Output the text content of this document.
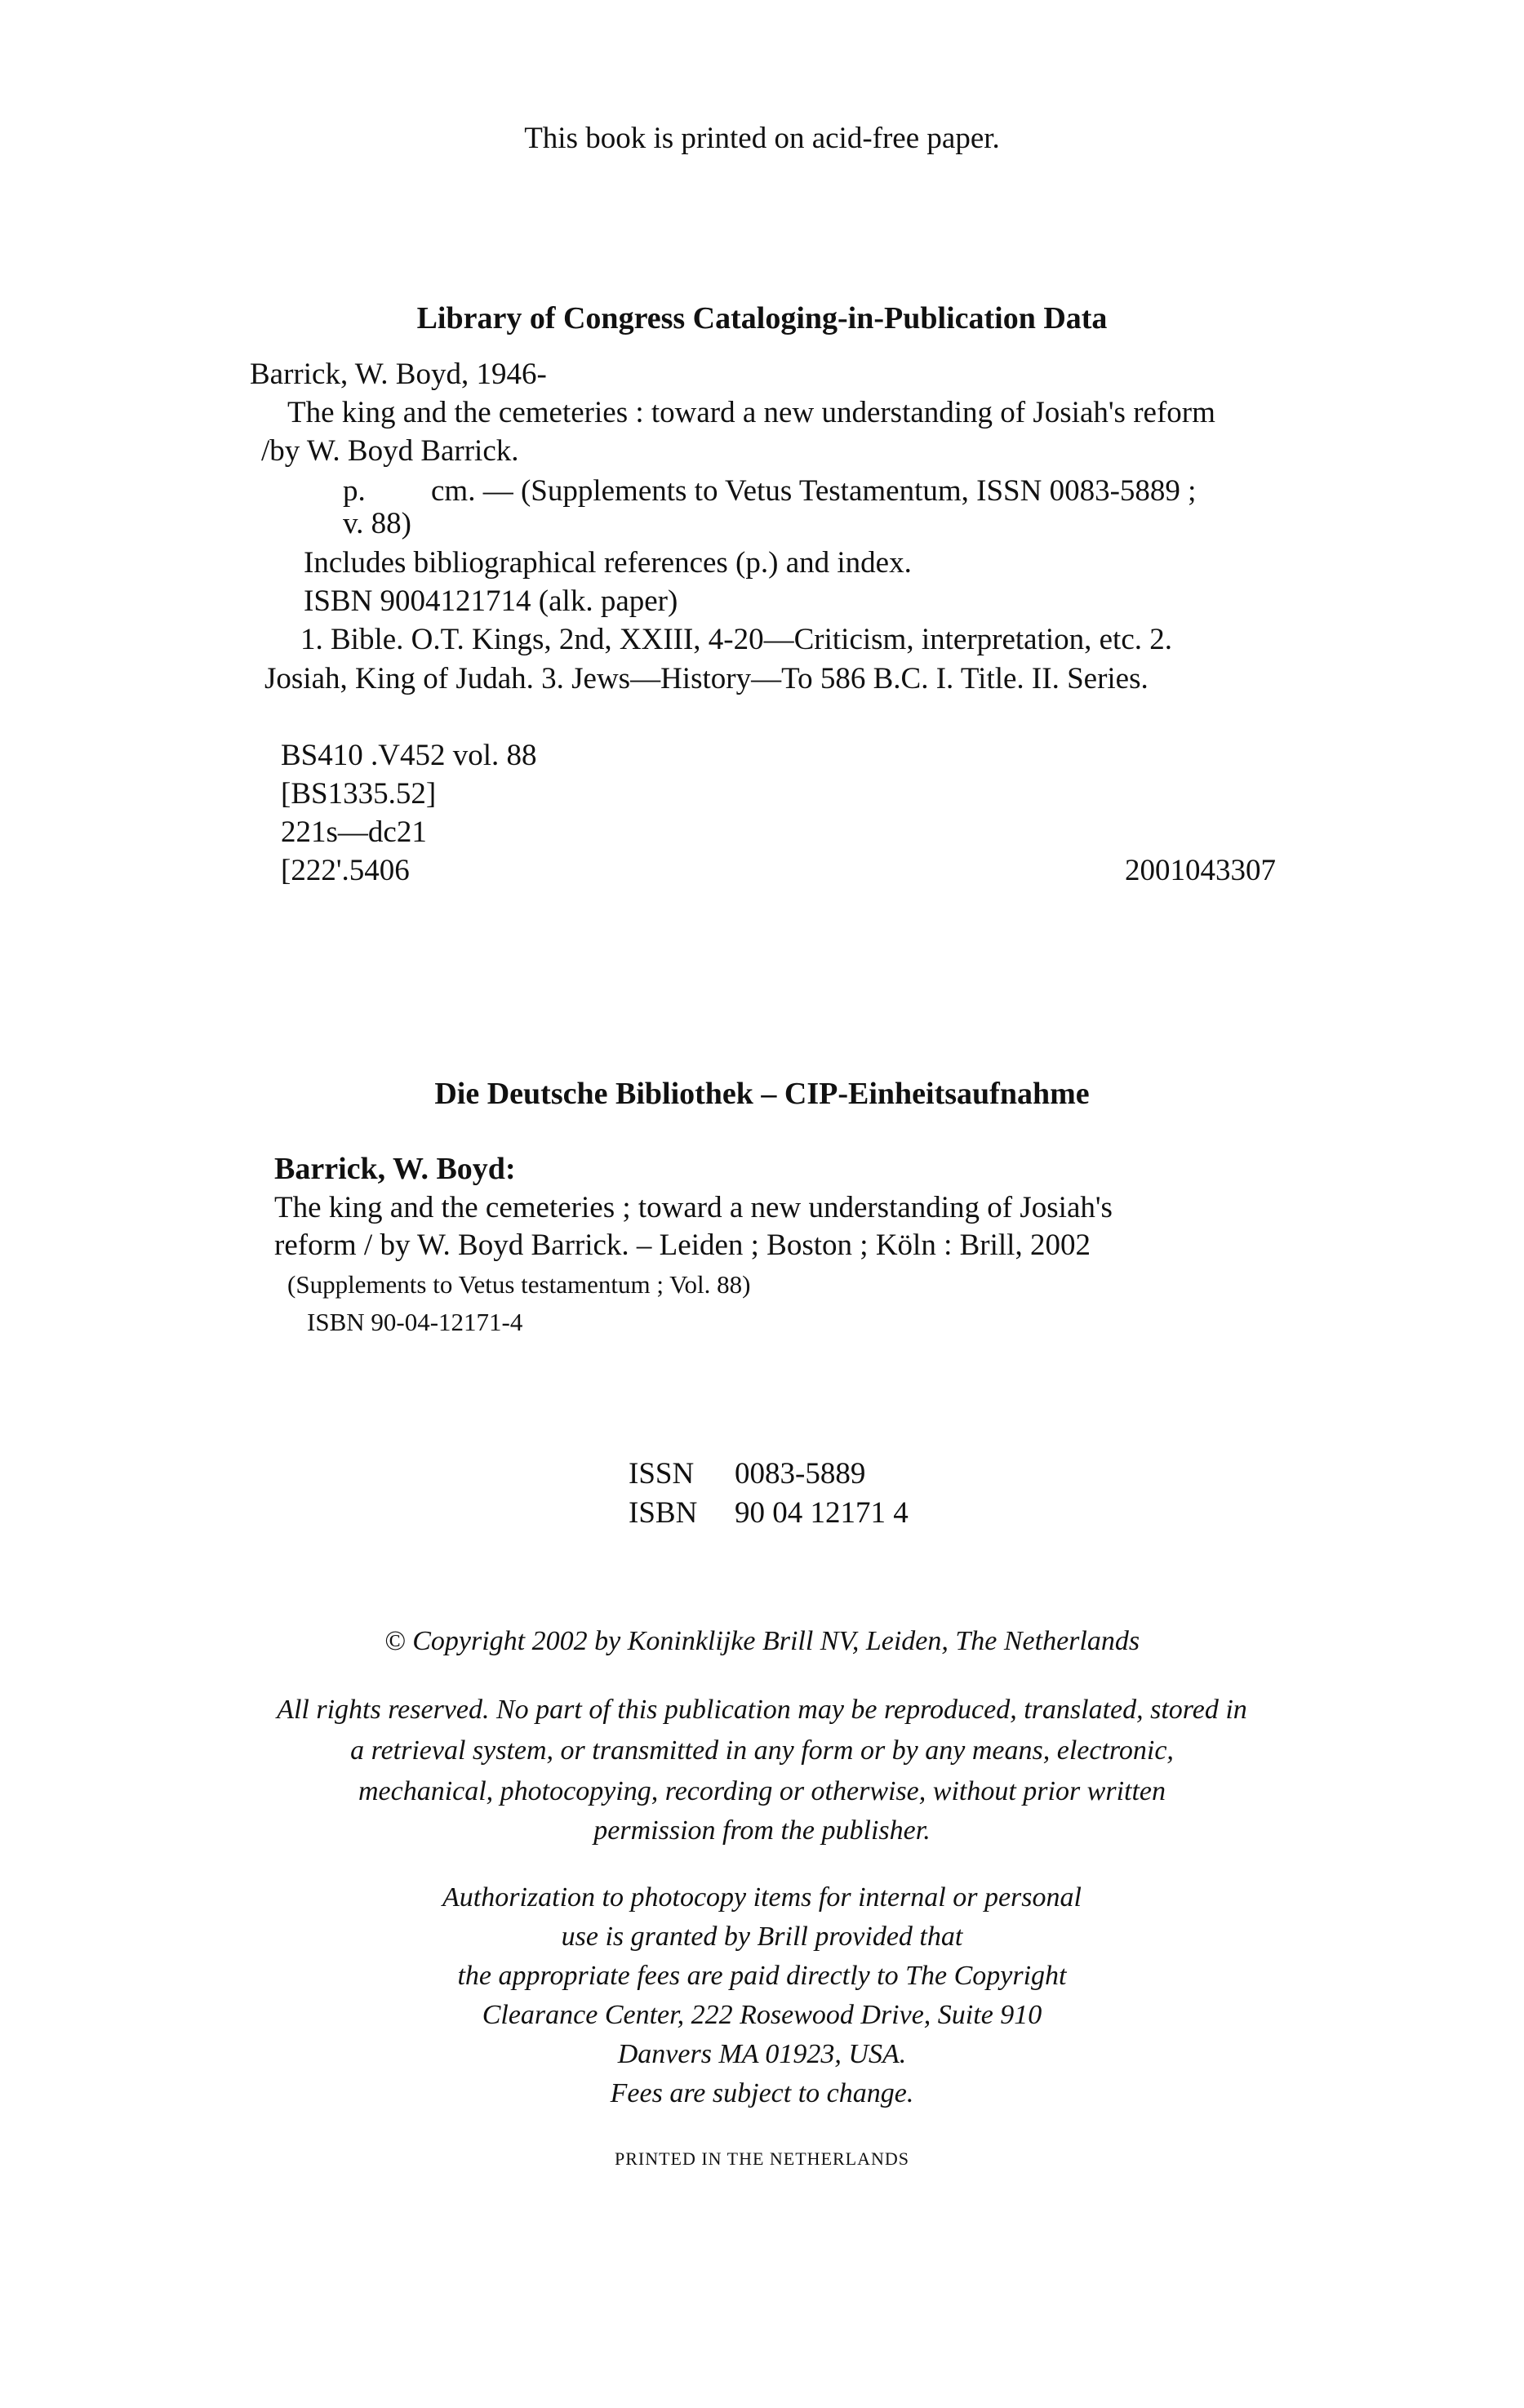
This book is printed on acid-free paper.
Library of Congress Cataloging-in-Publication Data
Barrick, W. Boyd, 1946-
The king and the cemeteries : toward a new understanding of Josiah's reform
/by W. Boyd Barrick.
p. cm. — (Supplements to Vetus Testamentum, ISSN 0083-5889 ;
v. 88)
Includes bibliographical references (p.) and index.
ISBN 9004121714 (alk. paper)
1. Bible. O.T. Kings, 2nd, XXIII, 4-20—Criticism, interpretation, etc. 2.
Josiah, King of Judah. 3. Jews—History—To 586 B.C. I. Title. II. Series.
BS410 .V452 vol. 88
[BS1335.52]
221s—dc21
[222'.5406	2001043307
Die Deutsche Bibliothek – CIP-Einheitsaufnahme
Barrick, W. Boyd:
The king and the cemeteries ; toward a new understanding of Josiah's
reform / by W. Boyd Barrick. – Leiden ; Boston ; Köln : Brill, 2002
(Supplements to Vetus testamentum ; Vol. 88)
ISBN 90-04-12171-4
ISSN 0083-5889
ISBN 90 04 12171 4
© Copyright 2002 by Koninklijke Brill NV, Leiden, The Netherlands
All rights reserved. No part of this publication may be reproduced, translated, stored in
a retrieval system, or transmitted in any form or by any means, electronic,
mechanical, photocopying, recording or otherwise, without prior written
permission from the publisher.
Authorization to photocopy items for internal or personal
use is granted by Brill provided that
the appropriate fees are paid directly to The Copyright
Clearance Center, 222 Rosewood Drive, Suite 910
Danvers MA 01923, USA.
Fees are subject to change.
PRINTED IN THE NETHERLANDS
